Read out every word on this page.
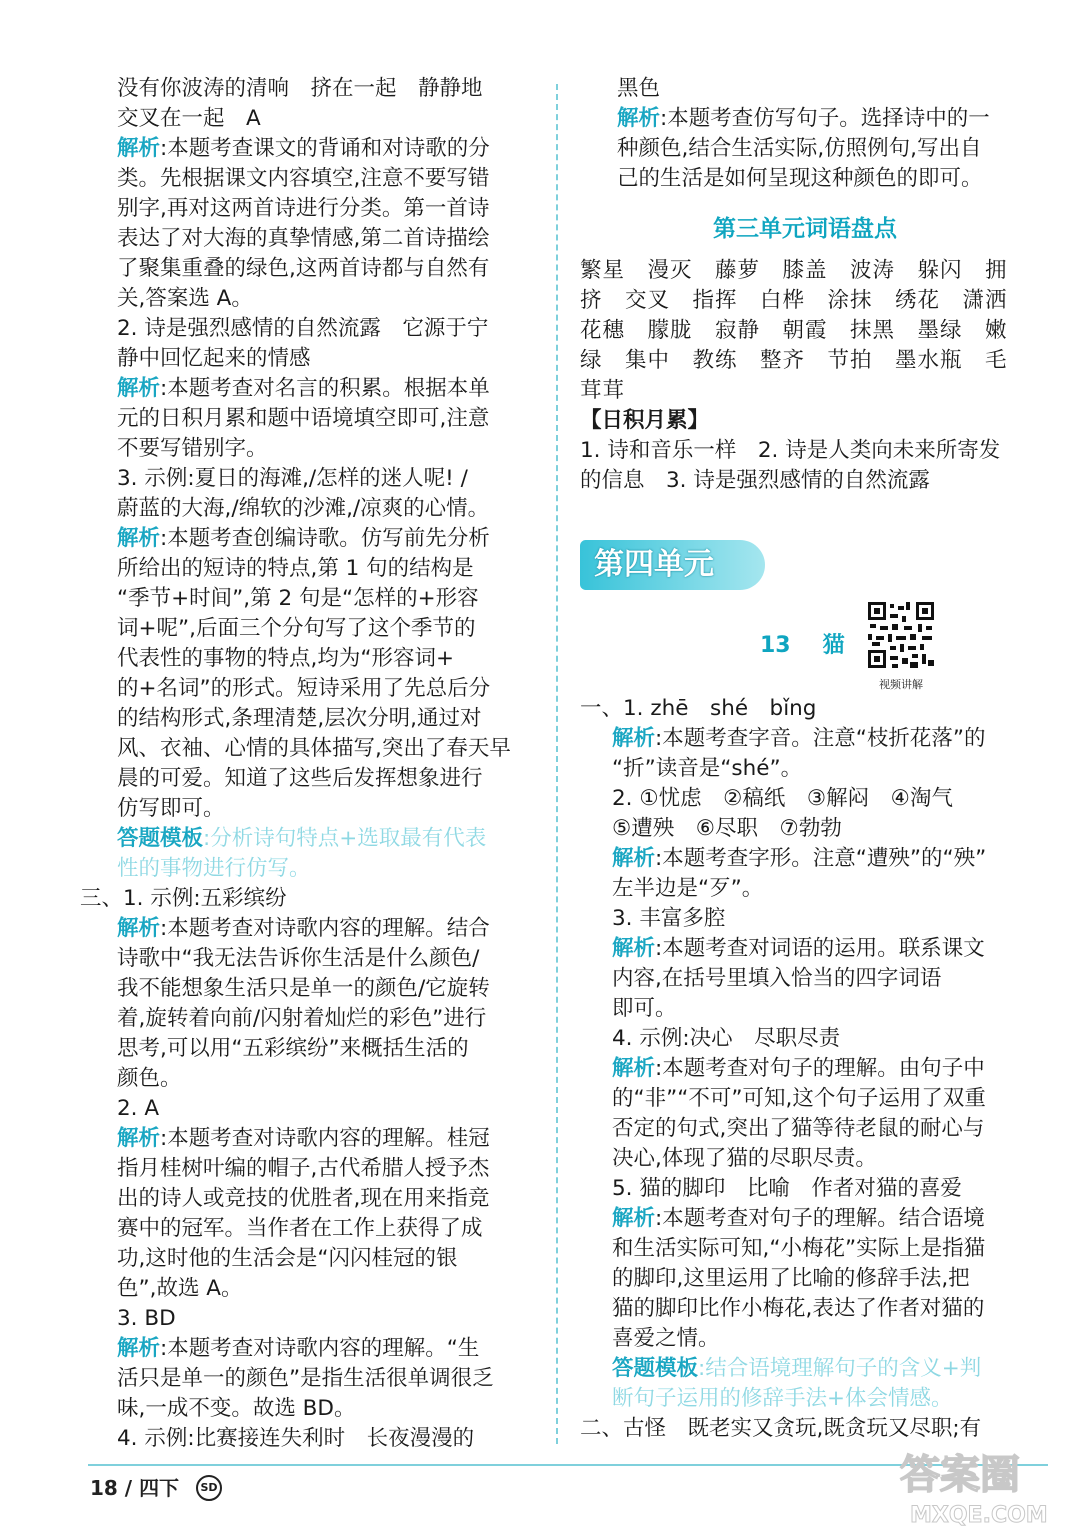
没有你波涛的清响　挤在一起　静静地

交叉在一起　A

解析:本题考查课文的背诵和对诗歌的分

类。先根据课文内容填空,注意不要写错

别字,再对这两首诗进行分类。第一首诗

表达了对大海的真挚情感,第二首诗描绘

了聚集重叠的绿色,这两首诗都与自然有

关,答案选 A。

2. 诗是强烈感情的自然流露　它源于宁

静中回忆起来的情感

解析:本题考查对名言的积累。根据本单

元的日积月累和题中语境填空即可,注意

不要写错别字。

3. 示例:夏日的海滩,/怎样的迷人呢! /

蔚蓝的大海,/绵软的沙滩,/凉爽的心情。

解析:本题考查创编诗歌。仿写前先分析

所给出的短诗的特点,第 1 句的结构是

“季节+时间”,第 2 句是“怎样的+形容

词+呢”,后面三个分句写了这个季节的

代表性的事物的特点,均为“形容词+

的+名词”的形式。短诗采用了先总后分

的结构形式,条理清楚,层次分明,通过对

风、衣袖、心情的具体描写,突出了春天早

晨的可爱。知道了这些后发挥想象进行

仿写即可。

答题模板:分析诗句特点+选取最有代表

性的事物进行仿写。

三、1. 示例:五彩缤纷

解析:本题考查对诗歌内容的理解。结合

诗歌中“我无法告诉你生活是什么颜色/

我不能想象生活只是单一的颜色/它旋转

着,旋转着向前/闪射着灿烂的彩色”进行

思考,可以用“五彩缤纷”来概括生活的

颜色。

2. A

解析:本题考查对诗歌内容的理解。桂冠

指月桂树叶编的帽子,古代希腊人授予杰

出的诗人或竞技的优胜者,现在用来指竞

赛中的冠军。当作者在工作上获得了成

功,这时他的生活会是“闪闪桂冠的银

色”,故选 A。

3. BD

解析:本题考查对诗歌内容的理解。“生

活只是单一的颜色”是指生活很单调很乏

味,一成不变。故选 BD。

4. 示例:比赛接连失利时　长夜漫漫的

黑色

解析:本题考查仿写句子。选择诗中的一

种颜色,结合生活实际,仿照例句,写出自

己的生活是如何呈现这种颜色的即可。

第三单元词语盘点

繁星　漫灭　藤萝　膝盖　波涛　躲闪　拥

挤　交叉　指挥　白桦　涂抹　绣花　潇洒

花穗　朦胧　寂静　朝霞　抹黑　墨绿　嫩

绿　集中　教练　整齐　节拍　墨水瓶　毛

茸茸

【日积月累】

1. 诗和音乐一样　2. 诗是人类向未来所寄发

的信息　3. 诗是强烈感情的自然流露

第四单元
13 猫
视频讲解

一、1. zhē　shé　bǐng

解析:本题考查字音。注意“枝折花落”的

“折”读音是“shé”。

2. ①忧虑　②稿纸　③解闷　④淘气

⑤遭殃　⑥尽职　⑦勃勃

解析:本题考查字形。注意“遭殃”的“殃”

左半边是“歹”。

3. 丰富多腔

解析:本题考查对词语的运用。联系课文

内容,在括号里填入恰当的四字词语

即可。

4. 示例:决心　尽职尽责

解析:本题考查对句子的理解。由句子中

的“非”“不可”可知,这个句子运用了双重

否定的句式,突出了猫等待老鼠的耐心与

决心,体现了猫的尽职尽责。

5. 猫的脚印　比喻　作者对猫的喜爱

解析:本题考查对句子的理解。结合语境

和生活实际可知,“小梅花”实际上是指猫

的脚印,这里运用了比喻的修辞手法,把

猫的脚印比作小梅花,表达了作者对猫的

喜爱之情。

答题模板:结合语境理解句子的含义+判

断句子运用的修辞手法+体会情感。

二、古怪　既老实又贪玩,既贪玩又尽职;有

18 / 四下	SD	答案圈
MXQE.COM
